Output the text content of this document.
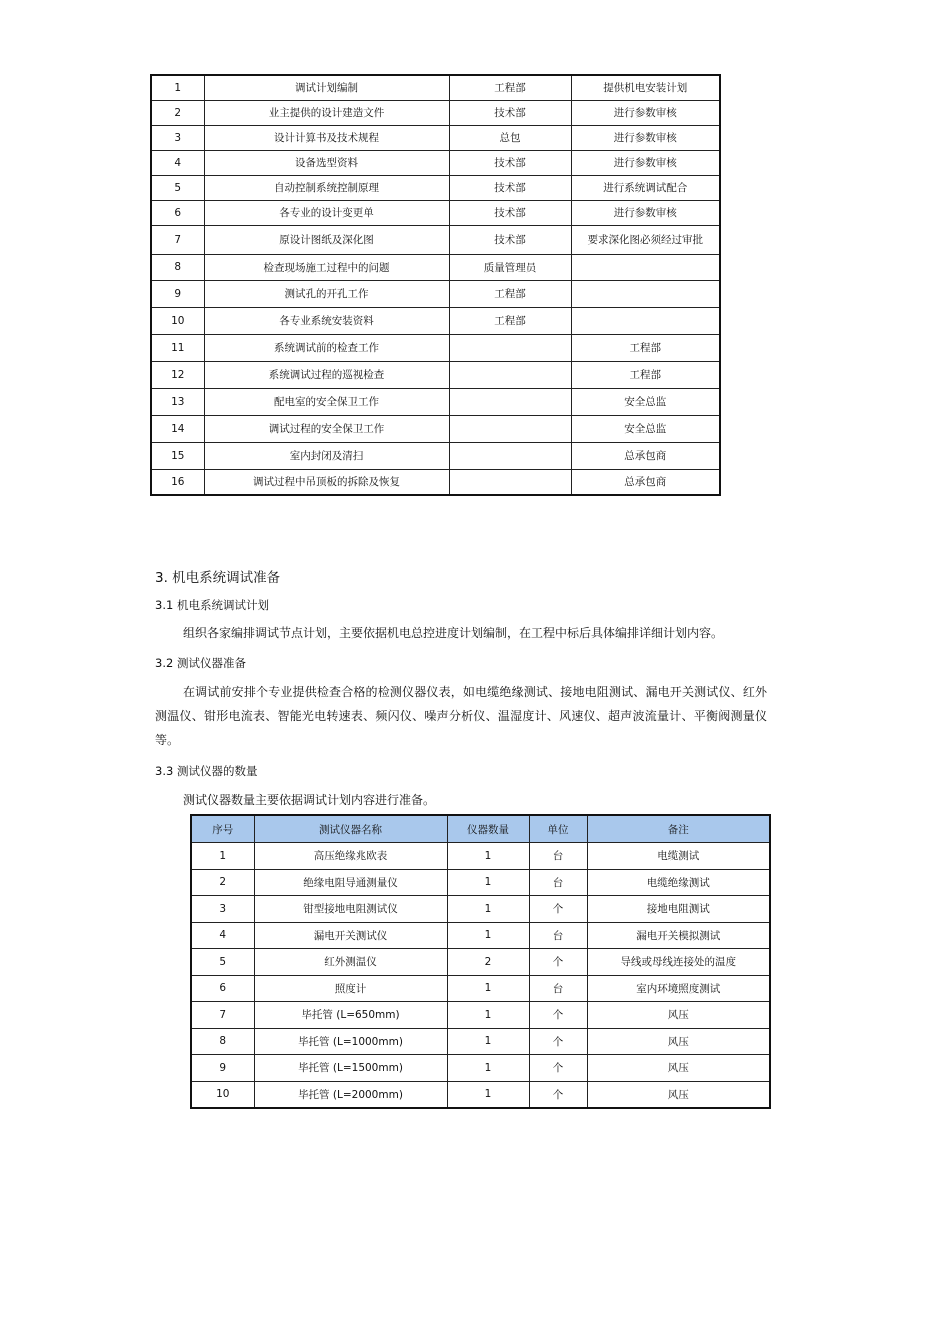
1	调试计划编制	工程部	提供机电安装计划
2	业主提供的设计建造文件	技术部	进行参数审核
3	设计计算书及技术规程	总包	进行参数审核
4	设备选型资料	技术部	进行参数审核
5	自动控制系统控制原理	技术部	进行系统调试配合
6	各专业的设计变更单	技术部	进行参数审核
7	原设计图纸及深化图	技术部	要求深化图必须经过审批
8	检查现场施工过程中的问题	质量管理员	
9	测试孔的开孔工作	工程部	
10	各专业系统安装资料	工程部	
11	系统调试前的检查工作		工程部
12	系统调试过程的巡视检查		工程部
13	配电室的安全保卫工作		安全总监
14	调试过程的安全保卫工作		安全总监
15	室内封闭及清扫		总承包商
16	调试过程中吊顶板的拆除及恢复		总承包商
3. 机电系统调试准备
3.1 机电系统调试计划
组织各家编排调试节点计划，主要依据机电总控进度计划编制，在工程中标后具体编排详细计划内容。
3.2 测试仪器准备
在调试前安排个专业提供检查合格的检测仪器仪表，如电缆绝缘测试、接地电阻测试、漏电开关测试仪、红外测温仪、钳形电流表、智能光电转速表、频闪仪、噪声分析仪、温湿度计、风速仪、超声波流量计、平衡阀测量仪等。
3.3 测试仪器的数量
测试仪器数量主要依据调试计划内容进行准备。
序号	测试仪器名称	仪器数量	单位	备注
1	高压绝缘兆欧表	1	台	电缆测试
2	绝缘电阻导通测量仪	1	台	电缆绝缘测试
3	钳型接地电阻测试仪	1	个	接地电阻测试
4	漏电开关测试仪	1	台	漏电开关模拟测试
5	红外测温仪	2	个	导线或母线连接处的温度
6	照度计	1	台	室内环境照度测试
7	毕托管 (L=650mm)	1	个	风压
8	毕托管 (L=1000mm)	1	个	风压
9	毕托管 (L=1500mm)	1	个	风压
10	毕托管 (L=2000mm)	1	个	风压
